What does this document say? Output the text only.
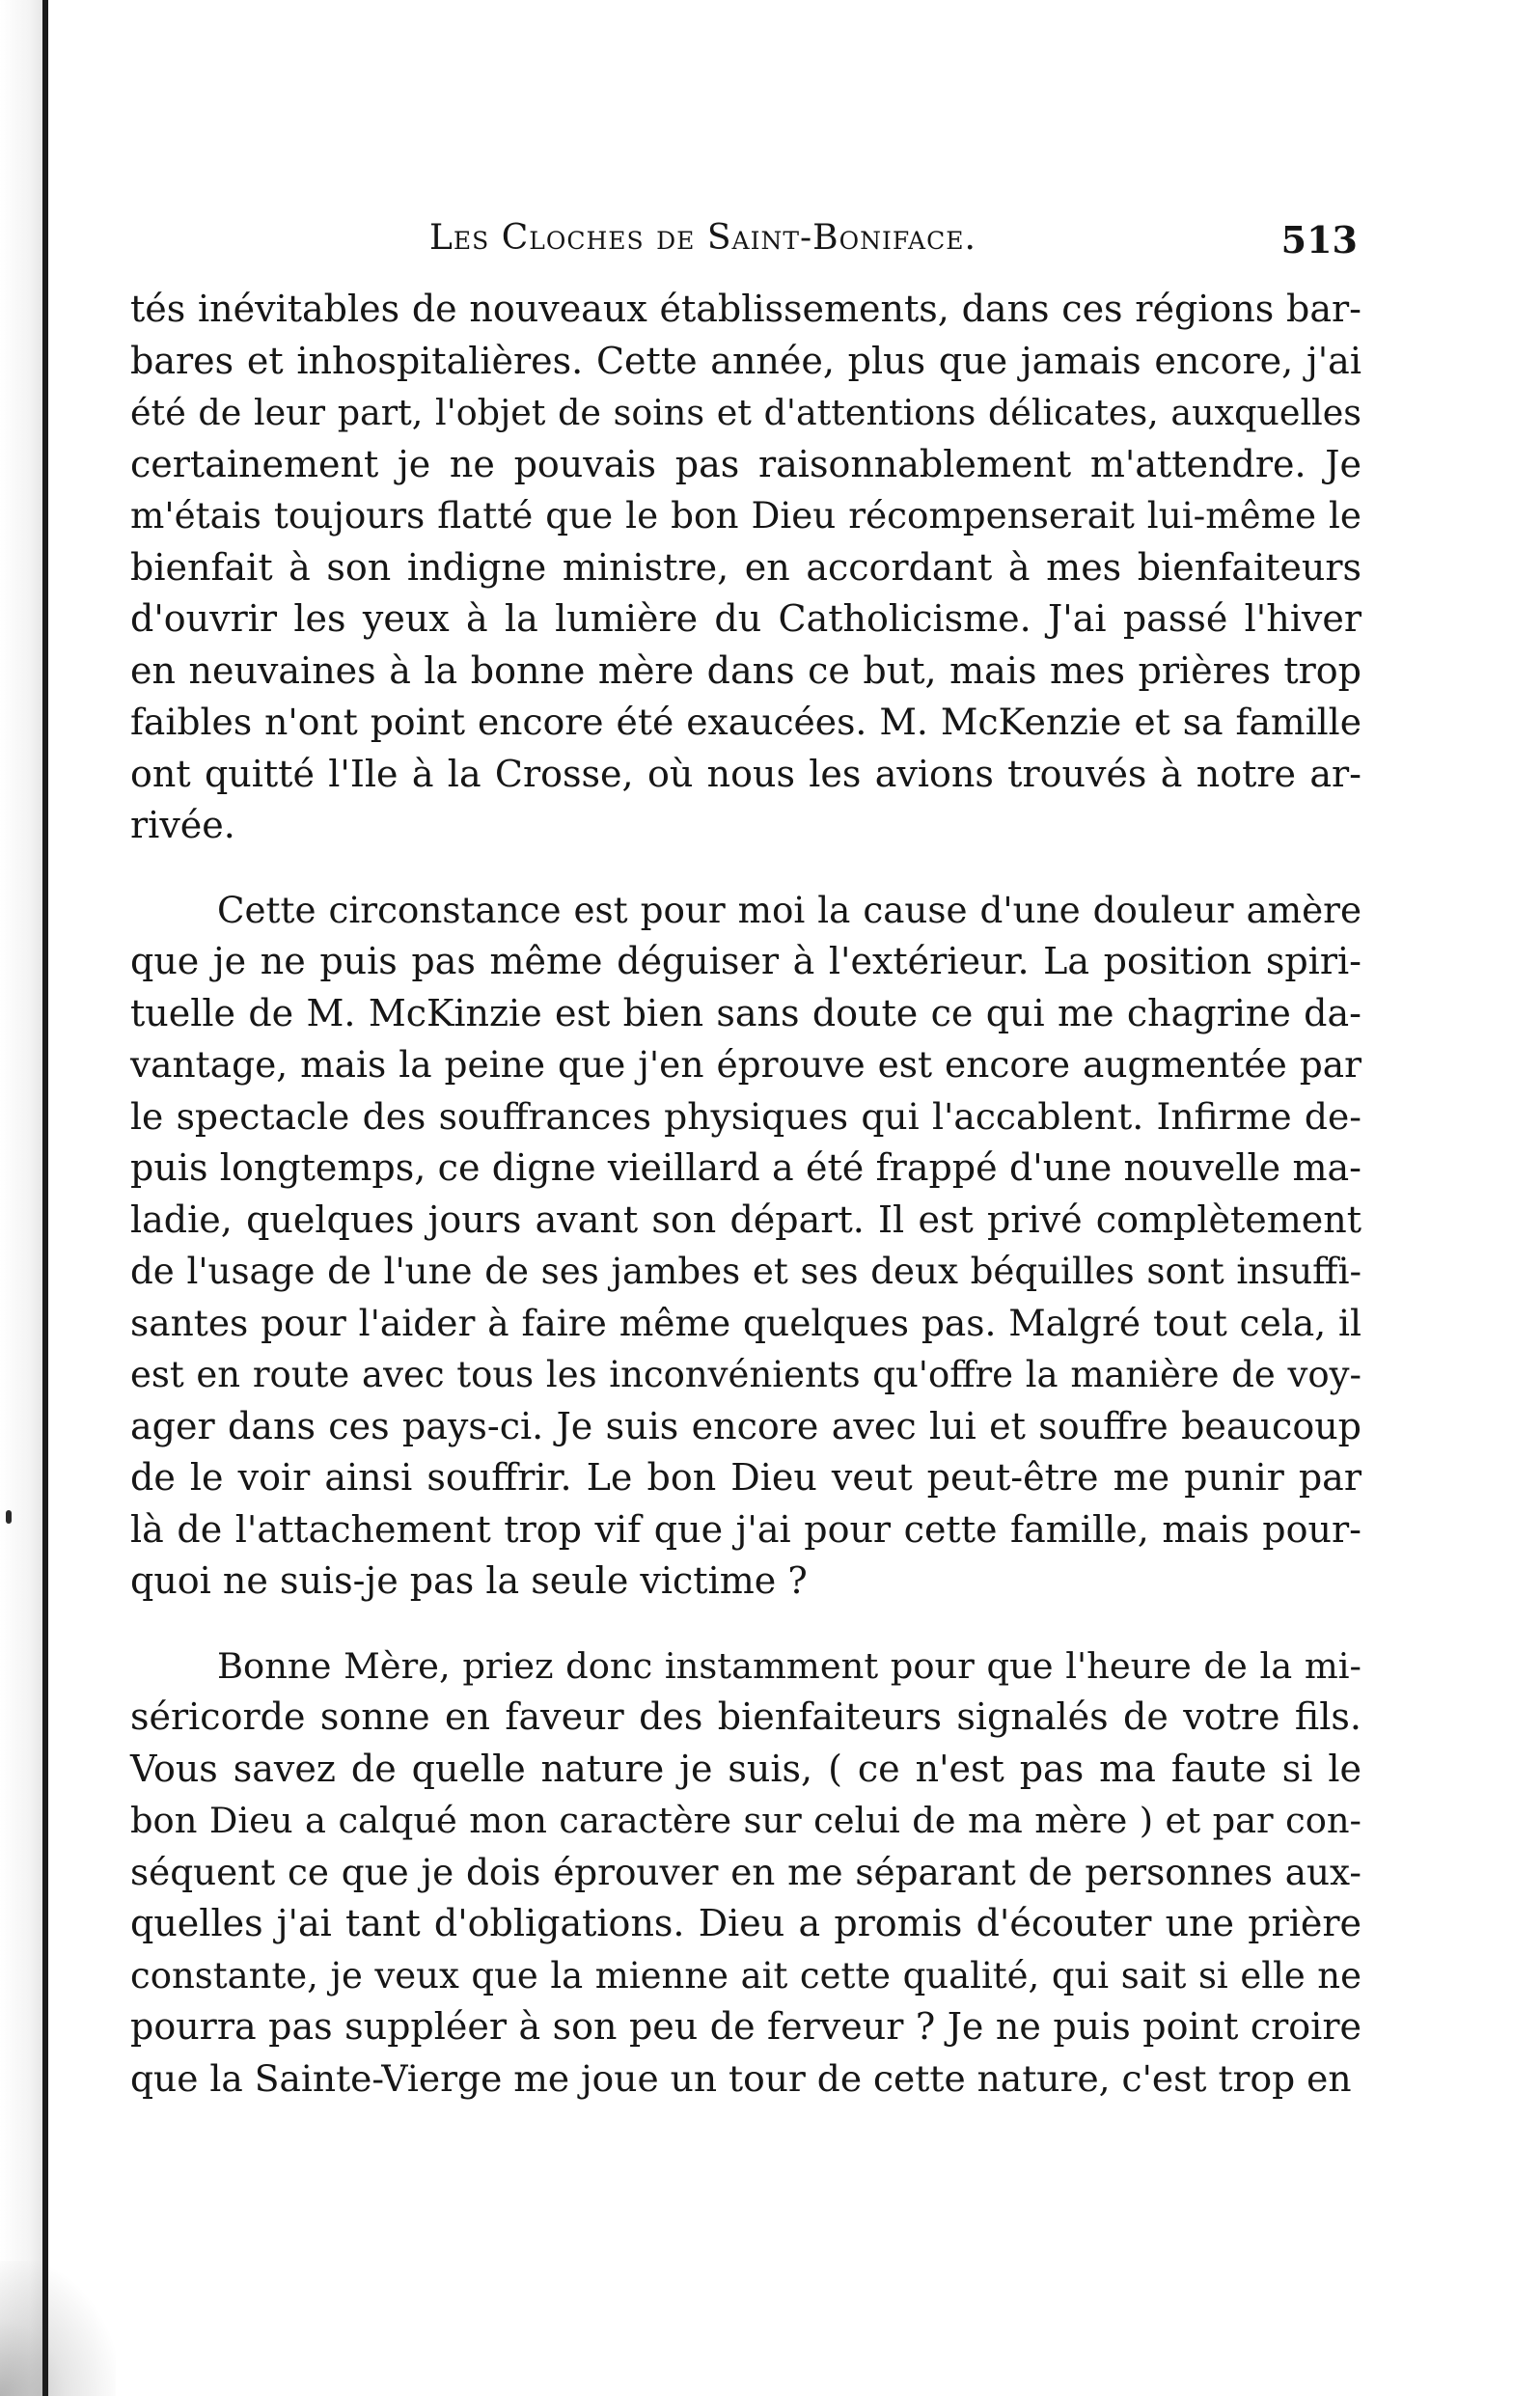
Les Cloches de Saint-Boniface.	513
tés inévitables de nouveaux établissements, dans ces régions bar-
bares et inhospitalières. Cette année, plus que jamais encore, j'ai
été de leur part, l'objet de soins et d'attentions délicates, auxquelles
certainement je ne pouvais pas raisonnablement m'attendre. Je
m'étais toujours flatté que le bon Dieu récompenserait lui-même le
bienfait à son indigne ministre, en accordant à mes bienfaiteurs
d'ouvrir les yeux à la lumière du Catholicisme. J'ai passé l'hiver
en neuvaines à la bonne mère dans ce but, mais mes prières trop
faibles n'ont point encore été exaucées. M. McKenzie et sa famille
ont quitté l'Ile à la Crosse, où nous les avions trouvés à notre ar-
rivée.
Cette circonstance est pour moi la cause d'une douleur amère
que je ne puis pas même déguiser à l'extérieur. La position spiri-
tuelle de M. McKinzie est bien sans doute ce qui me chagrine da-
vantage, mais la peine que j'en éprouve est encore augmentée par
le spectacle des souffrances physiques qui l'accablent. Infirme de-
puis longtemps, ce digne vieillard a été frappé d'une nouvelle ma-
ladie, quelques jours avant son départ. Il est privé complètement
de l'usage de l'une de ses jambes et ses deux béquilles sont insuffi-
santes pour l'aider à faire même quelques pas. Malgré tout cela, il
est en route avec tous les inconvénients qu'offre la manière de voy-
ager dans ces pays-ci. Je suis encore avec lui et souffre beaucoup
de le voir ainsi souffrir. Le bon Dieu veut peut-être me punir par
là de l'attachement trop vif que j'ai pour cette famille, mais pour-
quoi ne suis-je pas la seule victime ?
Bonne Mère, priez donc instamment pour que l'heure de la mi-
séricorde sonne en faveur des bienfaiteurs signalés de votre fils.
Vous savez de quelle nature je suis, ( ce n'est pas ma faute si le
bon Dieu a calqué mon caractère sur celui de ma mère ) et par con-
séquent ce que je dois éprouver en me séparant de personnes aux-
quelles j'ai tant d'obligations. Dieu a promis d'écouter une prière
constante, je veux que la mienne ait cette qualité, qui sait si elle ne
pourra pas suppléer à son peu de ferveur ? Je ne puis point croire
que la Sainte-Vierge me joue un tour de cette nature, c'est trop en
